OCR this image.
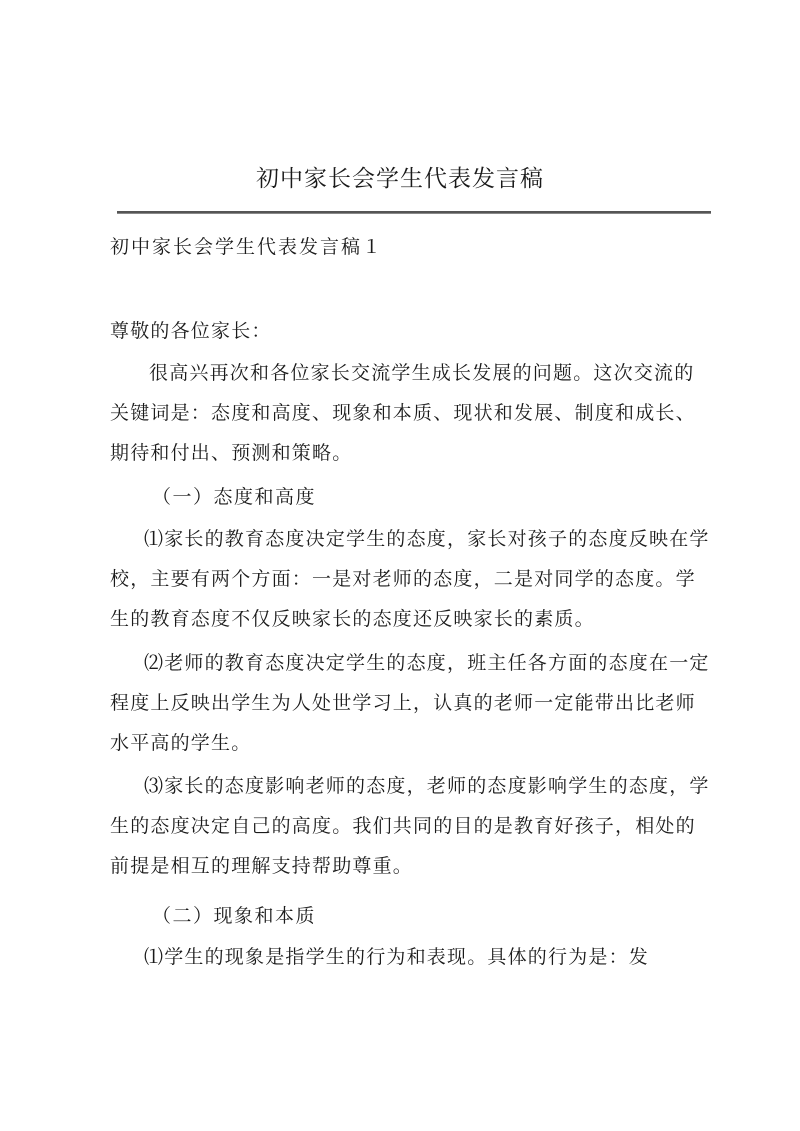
初中家长会学生代表发言稿
初中家长会学生代表发言稿１

尊敬的各位家长：

很高兴再次和各位家长交流学生成长发展的问题。这次交流的关键词是：态度和高度、现象和本质、现状和发展、制度和成长、期待和付出、预测和策略。

（一）态度和高度

⑴家长的教育态度决定学生的态度，家长对孩子的态度反映在学校，主要有两个方面：一是对老师的态度，二是对同学的态度。学生的教育态度不仅反映家长的态度还反映家长的素质。

⑵老师的教育态度决定学生的态度，班主任各方面的态度在一定程度上反映出学生为人处世学习上，认真的老师一定能带出比老师水平高的学生。

⑶家长的态度影响老师的态度，老师的态度影响学生的态度，学生的态度决定自己的高度。我们共同的目的是教育好孩子，相处的前提是相互的理解支持帮助尊重。

（二）现象和本质

⑴学生的现象是指学生的行为和表现。具体的行为是：发
